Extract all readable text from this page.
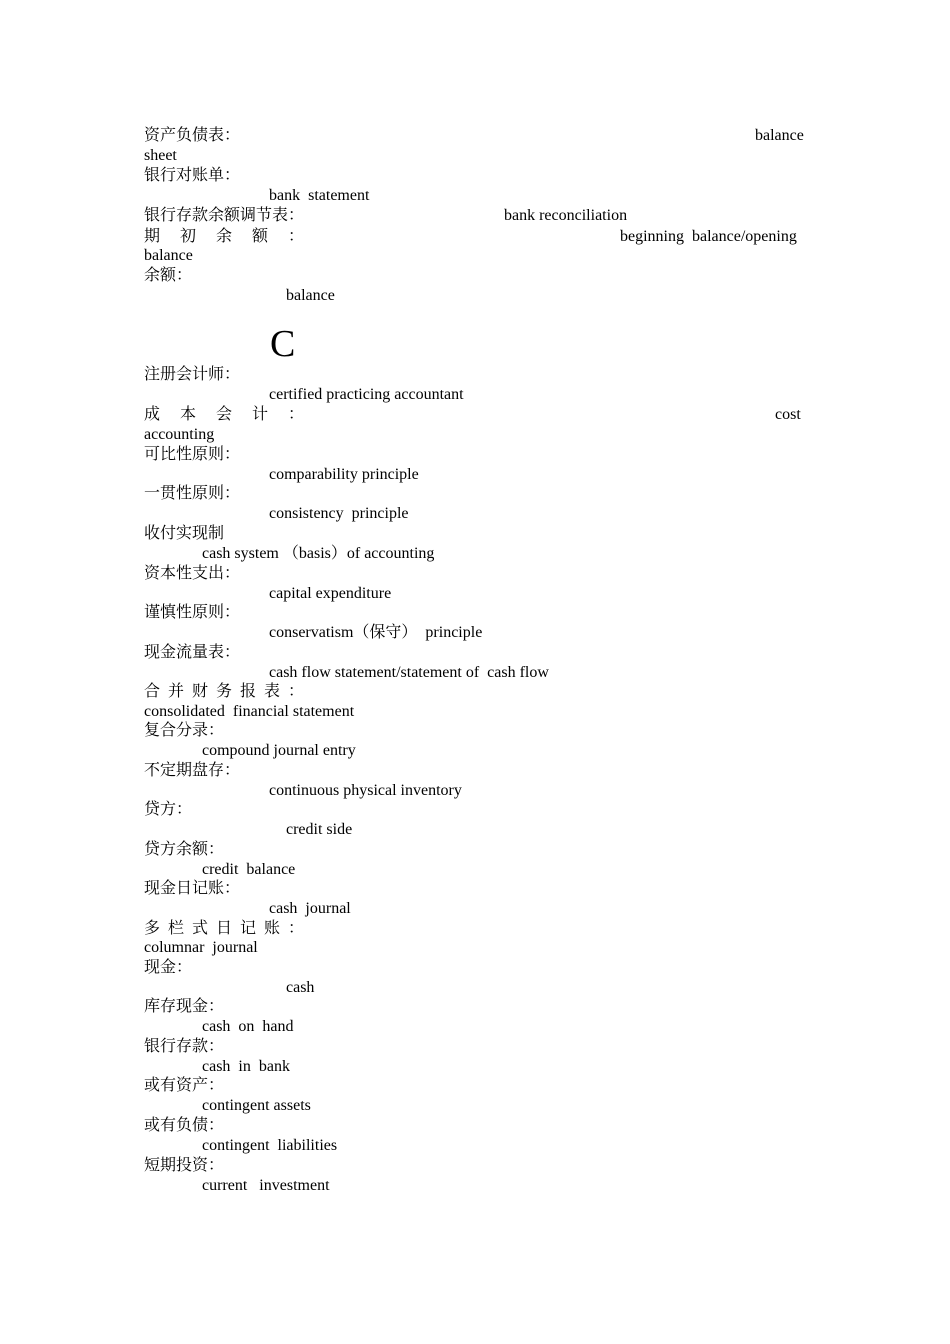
资产负债表：	balance
sheet
银行对账单：
bank  statement
银行存款余额调节表：	bank reconciliation
期 初 余 额 ：	beginning  balance/opening
balance
余额：
balance
C
注册会计师：
certified practicing accountant
成 本 会 计 ：	cost
accounting
可比性原则：
comparability principle
一贯性原则：
consistency  principle
收付实现制
cash system （basis）of accounting
资本性支出：
capital expenditure
谨慎性原则：
conservatism（保守）  principle
现金流量表：
cash flow statement/statement of  cash flow
合 并 财 务 报 表 ：
consolidated  financial statement
复合分录：
compound journal entry
不定期盘存：
continuous physical inventory
贷方：
credit side
贷方余额：
credit  balance
现金日记账：
cash  journal
多 栏 式 日 记 账 ：
columnar  journal
现金：
cash
库存现金：
cash  on  hand
银行存款：
cash  in  bank
或有资产：
contingent assets
或有负债：
contingent  liabilities
短期投资：
current   investment
